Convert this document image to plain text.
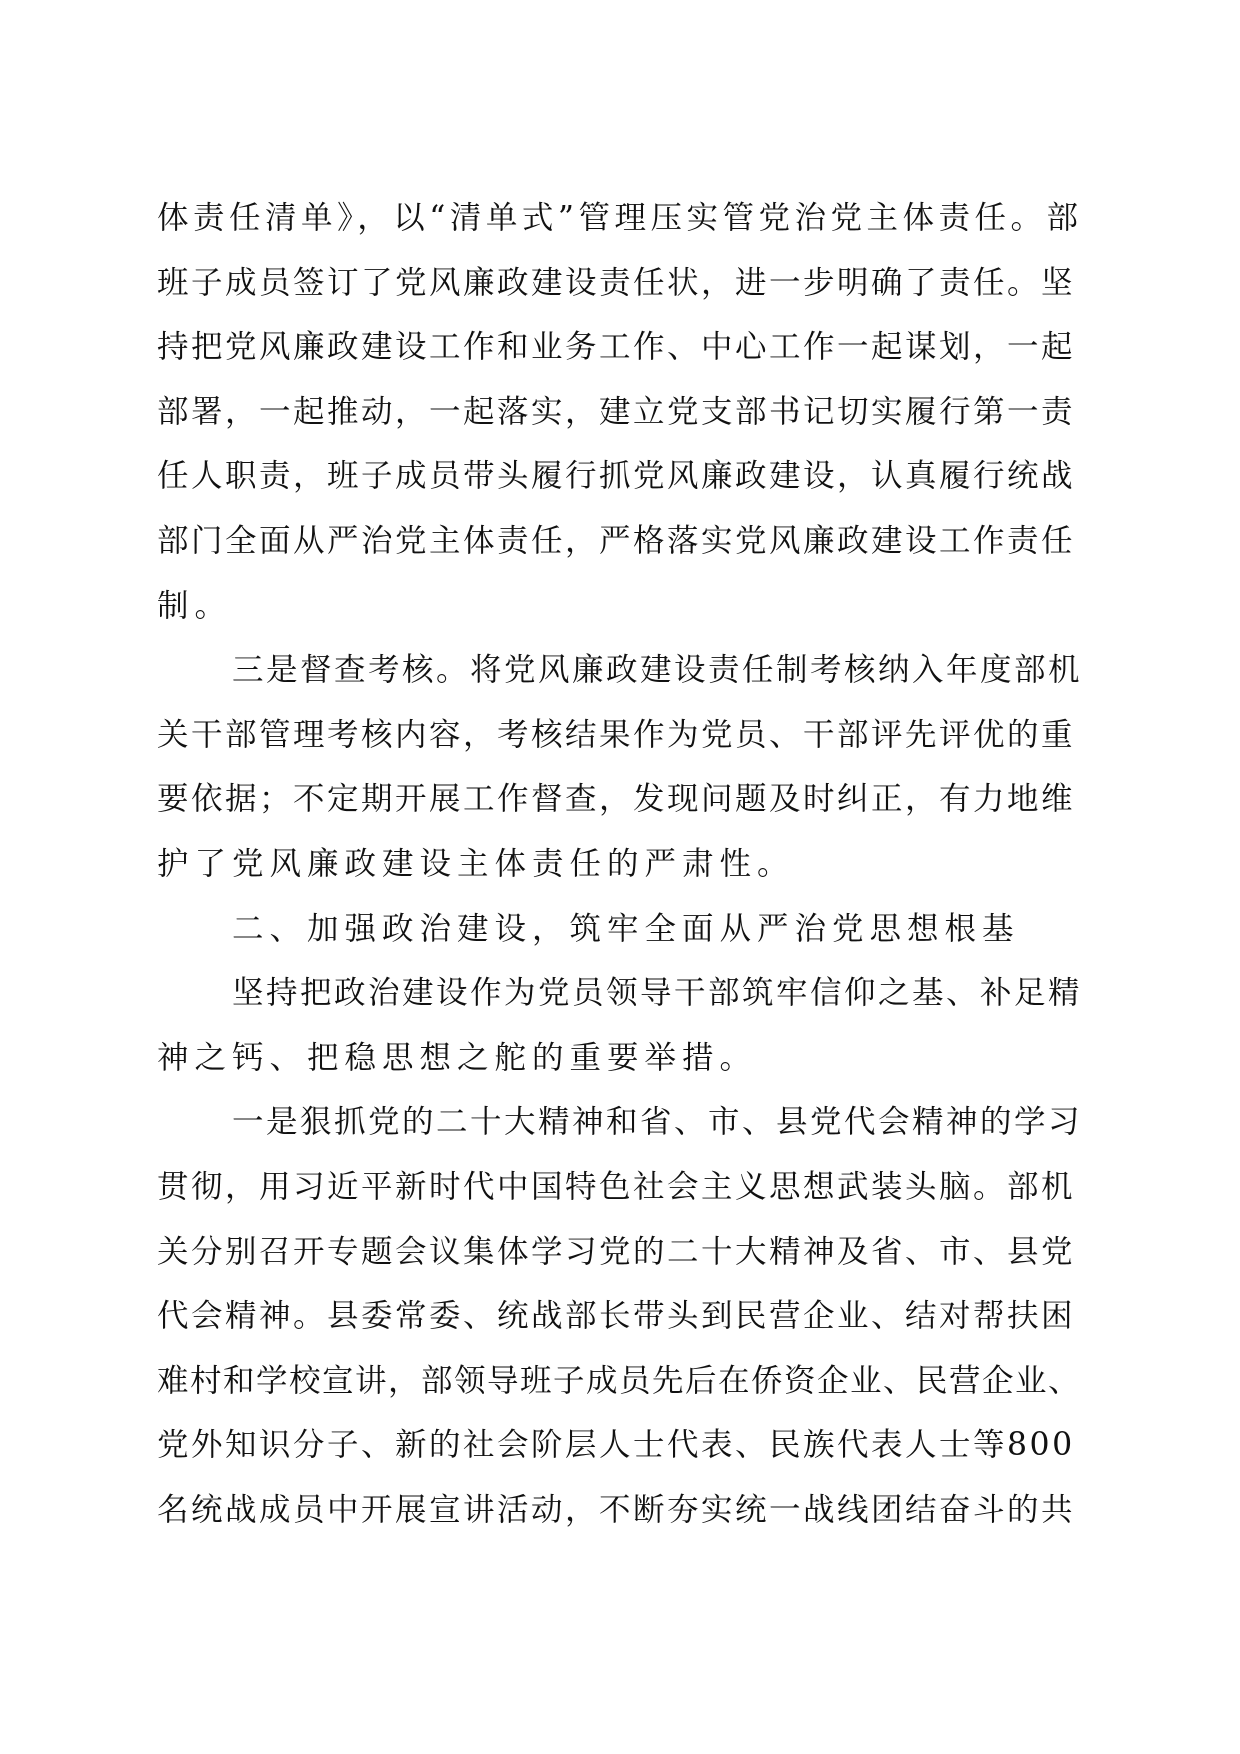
体责任清单》，以“清单式”管理压实管党治党主体责任。部
班子成员签订了党风廉政建设责任状，进一步明确了责任。坚
持把党风廉政建设工作和业务工作、中心工作一起谋划，一起
部署，一起推动，一起落实，建立党支部书记切实履行第一责
任人职责，班子成员带头履行抓党风廉政建设，认真履行统战
部门全面从严治党主体责任，严格落实党风廉政建设工作责任
制。
三是督查考核。将党风廉政建设责任制考核纳入年度部机
关干部管理考核内容，考核结果作为党员、干部评先评优的重
要依据；不定期开展工作督查，发现问题及时纠正，有力地维
护了党风廉政建设主体责任的严肃性。
二、加强政治建设，筑牢全面从严治党思想根基
坚持把政治建设作为党员领导干部筑牢信仰之基、补足精
神之钙、把稳思想之舵的重要举措。
一是狠抓党的二十大精神和省、市、县党代会精神的学习
贯彻，用习近平新时代中国特色社会主义思想武装头脑。部机
关分别召开专题会议集体学习党的二十大精神及省、市、县党
代会精神。县委常委、统战部长带头到民营企业、结对帮扶困
难村和学校宣讲，部领导班子成员先后在侨资企业、民营企业、
党外知识分子、新的社会阶层人士代表、民族代表人士等800
名统战成员中开展宣讲活动，不断夯实统一战线团结奋斗的共
